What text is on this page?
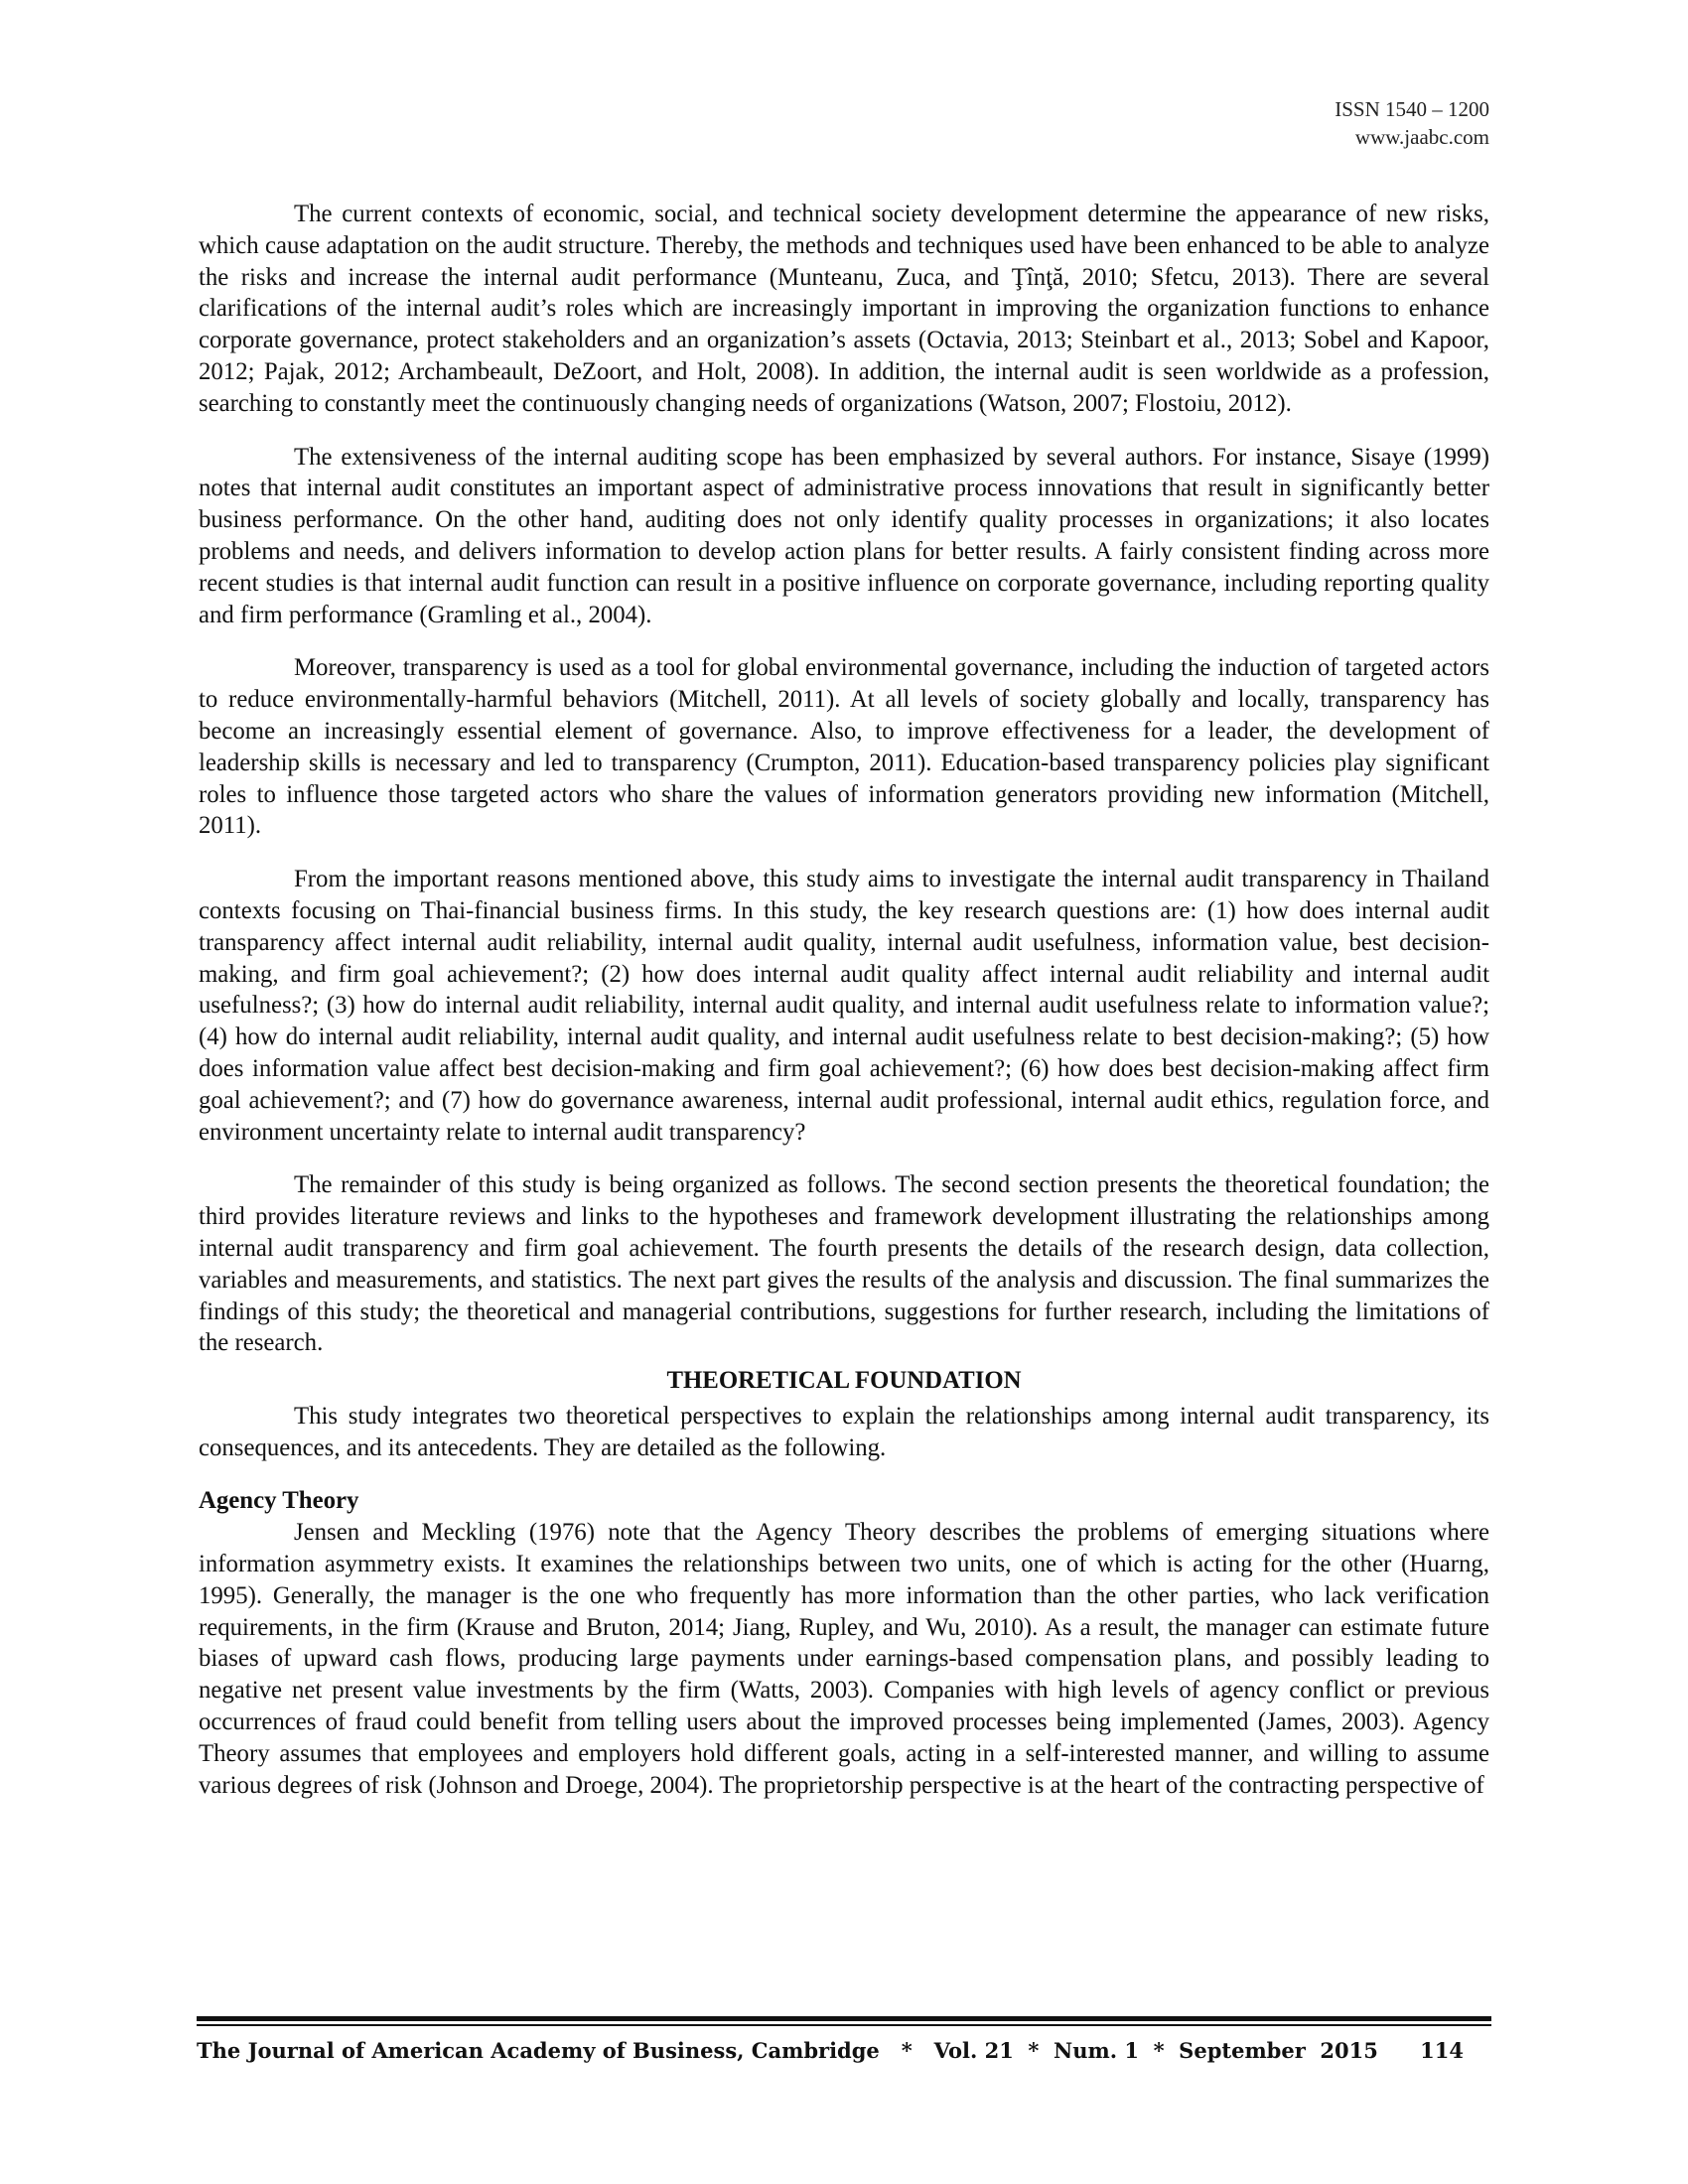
ISSN 1540 – 1200
www.jaabc.com

The current contexts of economic, social, and technical society development determine the appearance of new risks, which cause adaptation on the audit structure. Thereby, the methods and techniques used have been enhanced to be able to analyze the risks and increase the internal audit performance (Munteanu, Zuca, and Ţînţă, 2010; Sfetcu, 2013). There are several clarifications of the internal audit’s roles which are increasingly important in improving the organization functions to enhance corporate governance, protect stakeholders and an organization’s assets (Octavia, 2013; Steinbart et al., 2013; Sobel and Kapoor, 2012; Pajak, 2012; Archambeault, DeZoort, and Holt, 2008). In addition, the internal audit is seen worldwide as a profession, searching to constantly meet the continuously changing needs of organizations (Watson, 2007; Flostoiu, 2012).

The extensiveness of the internal auditing scope has been emphasized by several authors. For instance, Sisaye (1999) notes that internal audit constitutes an important aspect of administrative process innovations that result in significantly better business performance. On the other hand, auditing does not only identify quality processes in organizations; it also locates problems and needs, and delivers information to develop action plans for better results. A fairly consistent finding across more recent studies is that internal audit function can result in a positive influence on corporate governance, including reporting quality and firm performance (Gramling et al., 2004).

Moreover, transparency is used as a tool for global environmental governance, including the induction of targeted actors to reduce environmentally-harmful behaviors (Mitchell, 2011). At all levels of society globally and locally, transparency has become an increasingly essential element of governance. Also, to improve effectiveness for a leader, the development of leadership skills is necessary and led to transparency (Crumpton, 2011). Education-based transparency policies play significant roles to influence those targeted actors who share the values of information generators providing new information (Mitchell, 2011).

From the important reasons mentioned above, this study aims to investigate the internal audit transparency in Thailand contexts focusing on Thai-financial business firms. In this study, the key research questions are: (1) how does internal audit transparency affect internal audit reliability, internal audit quality, internal audit usefulness, information value, best decision-making, and firm goal achievement?; (2) how does internal audit quality affect internal audit reliability and internal audit usefulness?; (3) how do internal audit reliability, internal audit quality, and internal audit usefulness relate to information value?; (4) how do internal audit reliability, internal audit quality, and internal audit usefulness relate to best decision-making?; (5) how does information value affect best decision-making and firm goal achievement?; (6) how does best decision-making affect firm goal achievement?; and (7) how do governance awareness, internal audit professional, internal audit ethics, regulation force, and environment uncertainty relate to internal audit transparency?

The remainder of this study is being organized as follows. The second section presents the theoretical foundation; the third provides literature reviews and links to the hypotheses and framework development illustrating the relationships among internal audit transparency and firm goal achievement. The fourth presents the details of the research design, data collection, variables and measurements, and statistics. The next part gives the results of the analysis and discussion. The final summarizes the findings of this study; the theoretical and managerial contributions, suggestions for further research, including the limitations of the research.

THEORETICAL FOUNDATION

This study integrates two theoretical perspectives to explain the relationships among internal audit transparency, its consequences, and its antecedents. They are detailed as the following.

Agency Theory

Jensen and Meckling (1976) note that the Agency Theory describes the problems of emerging situations where information asymmetry exists. It examines the relationships between two units, one of which is acting for the other (Huarng, 1995). Generally, the manager is the one who frequently has more information than the other parties, who lack verification requirements, in the firm (Krause and Bruton, 2014; Jiang, Rupley, and Wu, 2010). As a result, the manager can estimate future biases of upward cash flows, producing large payments under earnings-based compensation plans, and possibly leading to negative net present value investments by the firm (Watts, 2003). Companies with high levels of agency conflict or previous occurrences of fraud could benefit from telling users about the improved processes being implemented (James, 2003). Agency Theory assumes that employees and employers hold different goals, acting in a self-interested manner, and willing to assume various degrees of risk (Johnson and Droege, 2004). The proprietorship perspective is at the heart of the contracting perspective of

The Journal of American Academy of Business, Cambridge   *   Vol. 21  *  Num. 1  *  September  2015 114
